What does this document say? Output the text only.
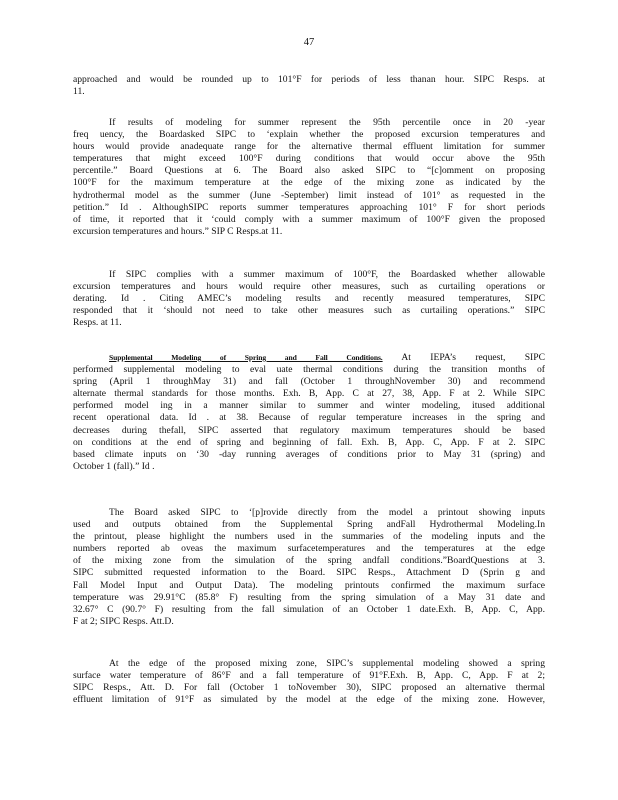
47

approached and would be rounded up to 101°F for periods of less thanan hour. SIPC Resps. at
11.

If results of modeling for summer represent the 95th percentile once in 20 -year
freq uency, the Boardasked SIPC to ‘explain whether the proposed excursion temperatures and
hours would provide anadequate range for the alternative thermal effluent limitation for summer
temperatures that might exceed 100°F during conditions that would occur above the 95th
percentile.” Board Questions at 6. The Board also asked SIPC to “[c]omment on proposing
100°F for the maximum temperature at the edge of the mixing zone as indicated by the
hydrothermal model as the summer (June -September) limit instead of 101° as requested in the
petition.” Id . AlthoughSIPC reports summer temperatures approaching 101° F for short periods
of time, it reported that it ‘could comply with a summer maximum of 100°F given the proposed
excursion temperatures and hours.” SIP C Resps.at 11.

If SIPC complies with a summer maximum of 100°F, the Boardasked whether allowable
excursion temperatures and hours would require other measures, such as curtailing operations or
derating. Id . Citing AMEC’s modeling results and recently measured temperatures, SIPC
responded that it ‘should not need to take other measures such as curtailing operations.” SIPC
Resps. at 11.

Supplemental Modeling of Spring and Fall Conditions. At IEPA’s request, SIPC
performed supplemental modeling to eval uate thermal conditions during the transition months of
spring (April 1 throughMay 31) and fall (October 1 throughNovember 30) and recommend
alternate thermal standards for those months. Exh. B, App. C at 27, 38, App. F at 2. While SIPC
performed model ing in a manner similar to summer and winter modeling, itused additional
recent operational data. Id . at 38. Because of regular temperature increases in the spring and
decreases during thefall, SIPC asserted that regulatory maximum temperatures should be based
on conditions at the end of spring and beginning of fall. Exh. B, App. C, App. F at 2. SIPC
based climate inputs on ‘30 -day running averages of conditions prior to May 31 (spring) and
October 1 (fall).” Id .

The Board asked SIPC to ‘[p]rovide directly from the model a printout showing inputs
used and outputs obtained from the Supplemental Spring andFall Hydrothermal Modeling.In
the printout, please highlight the numbers used in the summaries of the modeling inputs and the
numbers reported ab oveas the maximum surfacetemperatures and the temperatures at the edge
of the mixing zone from the simulation of the spring andfall conditions.”BoardQuestions at 3.
SIPC submitted requested information to the Board. SIPC Resps., Attachment D (Sprin g and
Fall Model Input and Output Data). The modeling printouts confirmed the maximum surface
temperature was 29.91°C (85.8° F) resulting from the spring simulation of a May 31 date and
32.67° C (90.7° F) resulting from the fall simulation of an October 1 date.Exh. B, App. C, App.
F at 2; SIPC Resps. Att.D.

At the edge of the proposed mixing zone, SIPC’s supplemental modeling showed a spring
surface water temperature of 86°F and a fall temperature of 91°F.Exh. B, App. C, App. F at 2;
SIPC Resps., Att. D. For fall (October 1 toNovember 30), SIPC proposed an alternative thermal
effluent limitation of 91°F as simulated by the model at the edge of the mixing zone. However,
